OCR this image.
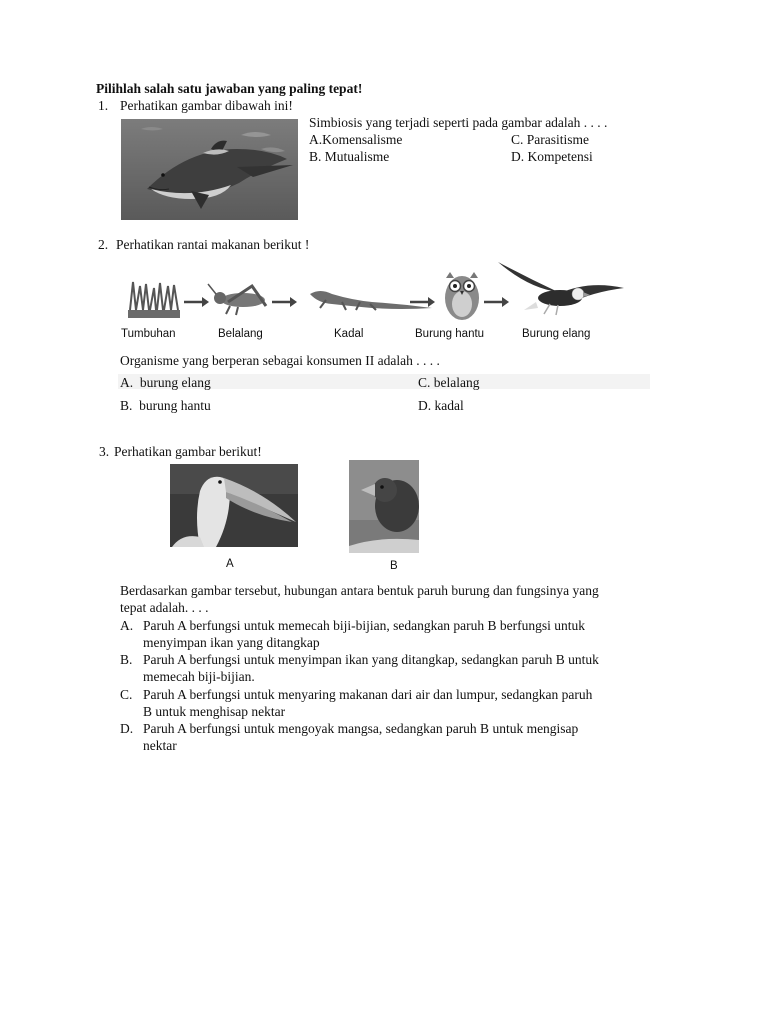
Pilihlah salah satu jawaban yang paling tepat!
1. Perhatikan gambar dibawah ini!
Simbiosis yang terjadi seperti pada gambar adalah . . . .
A.Komensalisme
B. Mutualisme
C. Parasitisme
D. Kompetensi
2. Perhatikan rantai makanan berikut !
Tumbuhan	Belalang	Kadal	Burung hantu	Burung elang
Organisme yang berperan sebagai konsumen II adalah . . . .
A. burung elang	C. belalang
B. burung hantu	D. kadal
3. Perhatikan gambar berikut!
A	B
Berdasarkan gambar tersebut, hubungan antara bentuk paruh burung dan fungsinya yang
tepat adalah. . . .
A. Paruh A berfungsi untuk memecah biji-bijian, sedangkan paruh B berfungsi untuk
menyimpan ikan yang ditangkap
B. Paruh A berfungsi untuk menyimpan ikan yang ditangkap, sedangkan paruh B untuk
memecah biji-bijian.
C. Paruh A berfungsi untuk menyaring makanan dari air dan lumpur, sedangkan paruh
B untuk menghisap nektar
D. Paruh A berfungsi untuk mengoyak mangsa, sedangkan paruh B untuk mengisap
nektar
